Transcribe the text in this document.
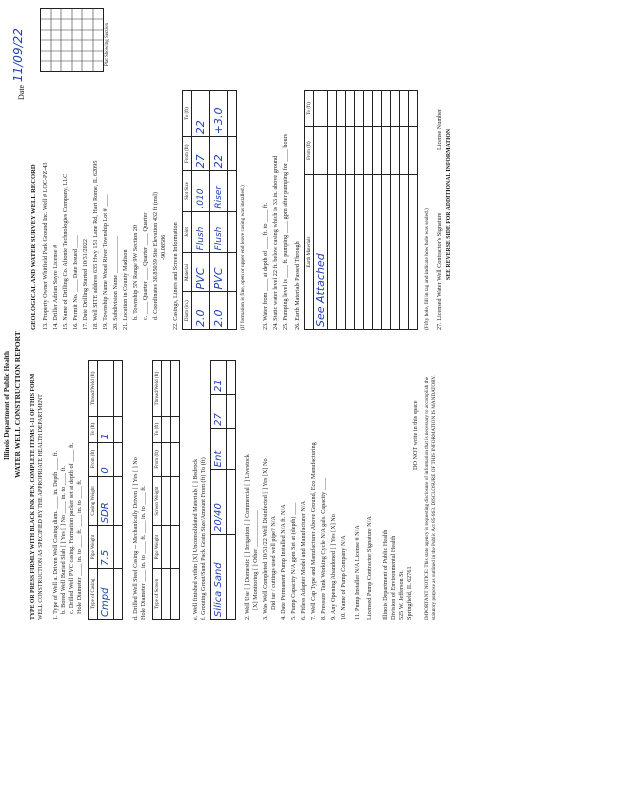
Illinois Department of Public Health WATER WELL CONSTRUCTION REPORT
Date
11/09/22
TYPE OR PRESS FIRMLY WITH BLACK INK PEN. COMPLETE ITEMS 1-11 OF THIS FORM WELL CONSTRUCTION AS SPECIFIED BY THE APPROPRIATE HEALTH DEPARTMENT 1. Type of Well a. Driven Well Casing diam. ____ in. Depth ____ ft. b. Bored Well Buried Slab [ ] Yes [ ] No ____ in. to ____ ft. c. Drilled Well PVC casing. Formation packer set at depth of ____ ft. Hole Diameter ____ in. to ____ ft. ____ in. to ____ ft. Type of Casing	Pipe Weight	Casing Weight	From (ft)	To (ft)	Thread/Weld (ft)
Cmpd	7.5	SDR	0	1	

d. Drilled Well Steel Casing -- Mechanically Driven [ ] Yes [ ] No Hole Diameter ____ in. to ____ ft. ____ in. to ____ ft. Type of Screen	Pipe Weight	Screen Weight	From (ft)	To (ft)	Thread/Weld (ft)

e. Well finished within [X] Unconsolidated Materials [ ] Bedrock f. Grouting Grout/Sand Pack Grain Size/Amount From (ft) To (ft) Silica Sand	20/40	Ent	27	21

2. Well Use [ ] Domestic [ ] Irrigation [ ] Commercial [ ] Livestock [X] Monitoring [ ] Other ____________ 3. Was Well Completed 10/31/22 Well Disinfected [ ] Yes [X] No Did tar / cuttings used well pipe? N/A 4. Date Permanent Pump Installed N/A ft. N/A 5. Pump Capacity N/A gpm Set at (depth) ____ 6. Pitless Adapter Model and Manufacturer N/A 7. Well Cap Type and Manufacturer Above Ground, Eco Manufacturing 8. Pressure Tank Working Cycle N/A gals. Capacity ____ 9. Any Opening Abandoned [ ] Yes [X] No 10. Name of Pump Company N/A 11. Pump Installer N/A License # N/A Licensed Pump Contractor Signature N/A Illinois Department of Public Health Division of Environmental Health 525 W. Jefferson St. Springfield, IL 62761
DO NOT write in this space IMPORTANT NOTICE: This state agency is requesting disclosure of information that is necessary to accomplish the statutory purpose as outlined in the Public Act 85-863. DISCLOSURE OF THIS INFORMATION IS MANDATORY.
GEOLOGICAL AND WATER SURVEY WELL RECORD 13. Property Owner Whitfield Park Ground Inc. Well # LOC-PZ-43 14. Driller Adrian Sayre License # 15. Name of Drilling Co. Altonte Technologies Company, LLC 16. Permit No. ____ Date Issued ____ 17. Date Drilling Started 10/31/2022 18. Well SITE address 635 Hwy 151 Lane Rd, Hart Rome, IL 62095 19. Township Name Wood River Township Lot # ____ 20. Subdivision Name ____________ 21. Location in County Madison b. Township 5N Range 9W Section 20 c. ____ Quarter ____ Quarter ____ Quarter d. Coordinates 38.85039 Site Elevation 432 ft (msl) -90.08586 22. Casings, Liners and Screen Information Diam (in.)	Material	Joint	Slot Size	From (ft)	To (ft)
2.0	PVC	Flush	.010	27	22
2.0	PVC	Flush	Riser	22	+3.0

(If formation is fine, open or upper end leave casing was installed.)	23. Water from ____ at depth of ____ ft. to ____ ft. 24. Static water level 22 ft. below casing which is 33 in. above ground 25. Pumping level is ____ ft. pumping ____ gpm after pumping for ____ hours 26. Earth Materials Passed Through Earth Materials	From (ft)	To (ft)
See Attached		

			(Fifty hole, fill in tag and indicate how hole was sealed.) 27. Licensed Water Well Contractor's Signature
License Number SEE REVERSE SIDE FOR ADDITIONAL INFORMATION
Plat Showing Section
